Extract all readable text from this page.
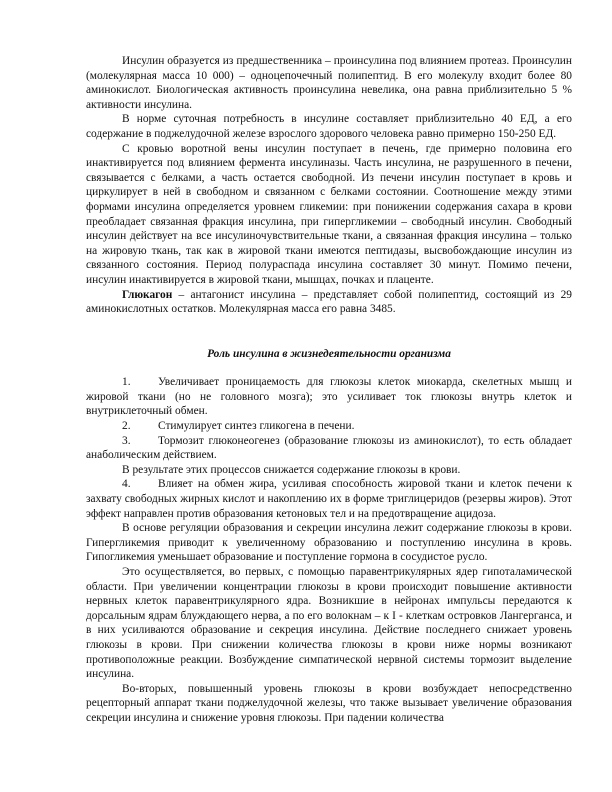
Инсулин образуется из предшественника – проинсулина под влиянием протеаз. Проинсулин (молекулярная масса 10 000) – одноцепочечный полипептид. В его молекулу входит более 80 аминокислот. Биологическая активность проинсулина невелика, она равна приблизительно 5 % активности инсулина.

В норме суточная потребность в инсулине составляет приблизительно 40 ЕД, а его содержание в поджелудочной железе взрослого здорового человека равно примерно 150-250 ЕД.

С кровью воротной вены инсулин поступает в печень, где примерно половина его инактивируется под влиянием фермента инсулиназы. Часть инсулина, не разрушенного в печени, связывается с белками, а часть остается свободной. Из печени инсулин поступает в кровь и циркулирует в ней в свободном и связанном с белками состоянии. Соотношение между этими формами инсулина определяется уровнем гликемии: при понижении содержания сахара в крови преобладает связанная фракция инсулина, при гипергликемии – свободный инсулин. Свободный инсулин действует на все инсулиночувствительные ткани, а связанная фракция инсулина – только на жировую ткань, так как в жировой ткани имеются пептидазы, высвобождающие инсулин из связанного состояния. Период полураспада инсулина составляет 30 минут. Помимо печени, инсулин инактивируется в жировой ткани, мышцах, почках и плаценте.

Глюкагон – антагонист инсулина – представляет собой полипептид, состоящий из 29 аминокислотных остатков. Молекулярная масса его равна 3485.

Роль инсулина в жизнедеятельности организма

1. Увеличивает проницаемость для глюкозы клеток миокарда, скелетных мышц и жировой ткани (но не головного мозга); это усиливает ток глюкозы внутрь клеток и внутриклеточный обмен.

2. Стимулирует синтез гликогена в печени.

3. Тормозит глюконеогенез (образование глюкозы из аминокислот), то есть обладает анаболическим действием.

В результате этих процессов снижается содержание глюкозы в крови.

4. Влияет на обмен жира, усиливая способность жировой ткани и клеток печени к захвату свободных жирных кислот и накоплению их в форме триглицеридов (резервы жиров). Этот эффект направлен против образования кетоновых тел и на предотвращение ацидоза.

В основе регуляции образования и секреции инсулина лежит содержание глюкозы в крови. Гипергликемия приводит к увеличенному образованию и поступлению инсулина в кровь. Гипогликемия уменьшает образование и поступление гормона в сосудистое русло.

Это осуществляется, во первых, с помощью паравентрикулярных ядер гипоталамической области. При увеличении концентрации глюкозы в крови происходит повышение активности нервных клеток паравентрикулярного ядра. Возникшие в нейронах импульсы передаются к дорсальным ядрам блуждающего нерва, а по его волокнам – к І - клеткам островков Лангерганса, и в них усиливаются образование и секреция инсулина. Действие последнего снижает уровень глюкозы в крови. При снижении количества глюкозы в крови ниже нормы возникают противоположные реакции. Возбуждение симпатической нервной системы тормозит выделение инсулина.

Во-вторых, повышенный уровень глюкозы в крови возбуждает непосредственно рецепторный аппарат ткани поджелудочной железы, что также вызывает увеличение образования секреции инсулина и снижение уровня глюкозы. При падении количества
